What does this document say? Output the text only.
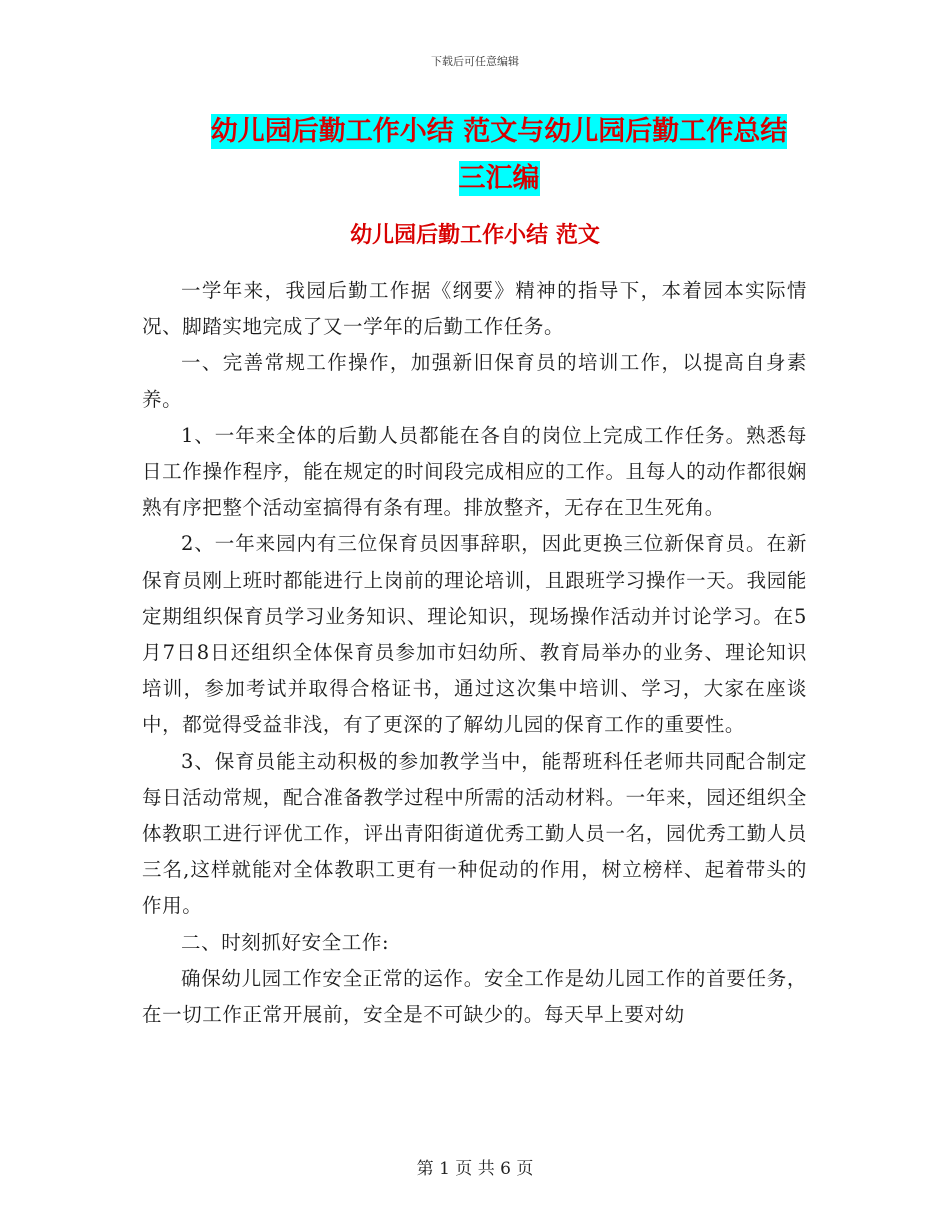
下载后可任意编辑
幼儿园后勤工作小结 范文与幼儿园后勤工作总结 三汇编
幼儿园后勤工作小结 范文

一学年来，我园后勤工作据《纲要》精神的指导下，本着园本实际情况、脚踏实地完成了又一学年的后勤工作任务。

一、完善常规工作操作，加强新旧保育员的培训工作，以提高自身素养。

1、一年来全体的后勤人员都能在各自的岗位上完成工作任务。熟悉每日工作操作程序，能在规定的时间段完成相应的工作。且每人的动作都很娴熟有序把整个活动室搞得有条有理。排放整齐，无存在卫生死角。

2、一年来园内有三位保育员因事辞职，因此更换三位新保育员。在新保育员刚上班时都能进行上岗前的理论培训，且跟班学习操作一天。我园能定期组织保育员学习业务知识、理论知识，现场操作活动并讨论学习。在5月7日8日还组织全体保育员参加市妇幼所、教育局举办的业务、理论知识培训，参加考试并取得合格证书，通过这次集中培训、学习，大家在座谈中，都觉得受益非浅，有了更深的了解幼儿园的保育工作的重要性。

3、保育员能主动积极的参加教学当中，能帮班科任老师共同配合制定每日活动常规，配合准备教学过程中所需的活动材料。一年来，园还组织全体教职工进行评优工作，评出青阳街道优秀工勤人员一名，园优秀工勤人员三名,这样就能对全体教职工更有一种促动的作用，树立榜样、起着带头的作用。

二、时刻抓好安全工作:

确保幼儿园工作安全正常的运作。安全工作是幼儿园工作的首要任务，在一切工作正常开展前，安全是不可缺少的。每天早上要对幼

第 1 页 共 6 页
